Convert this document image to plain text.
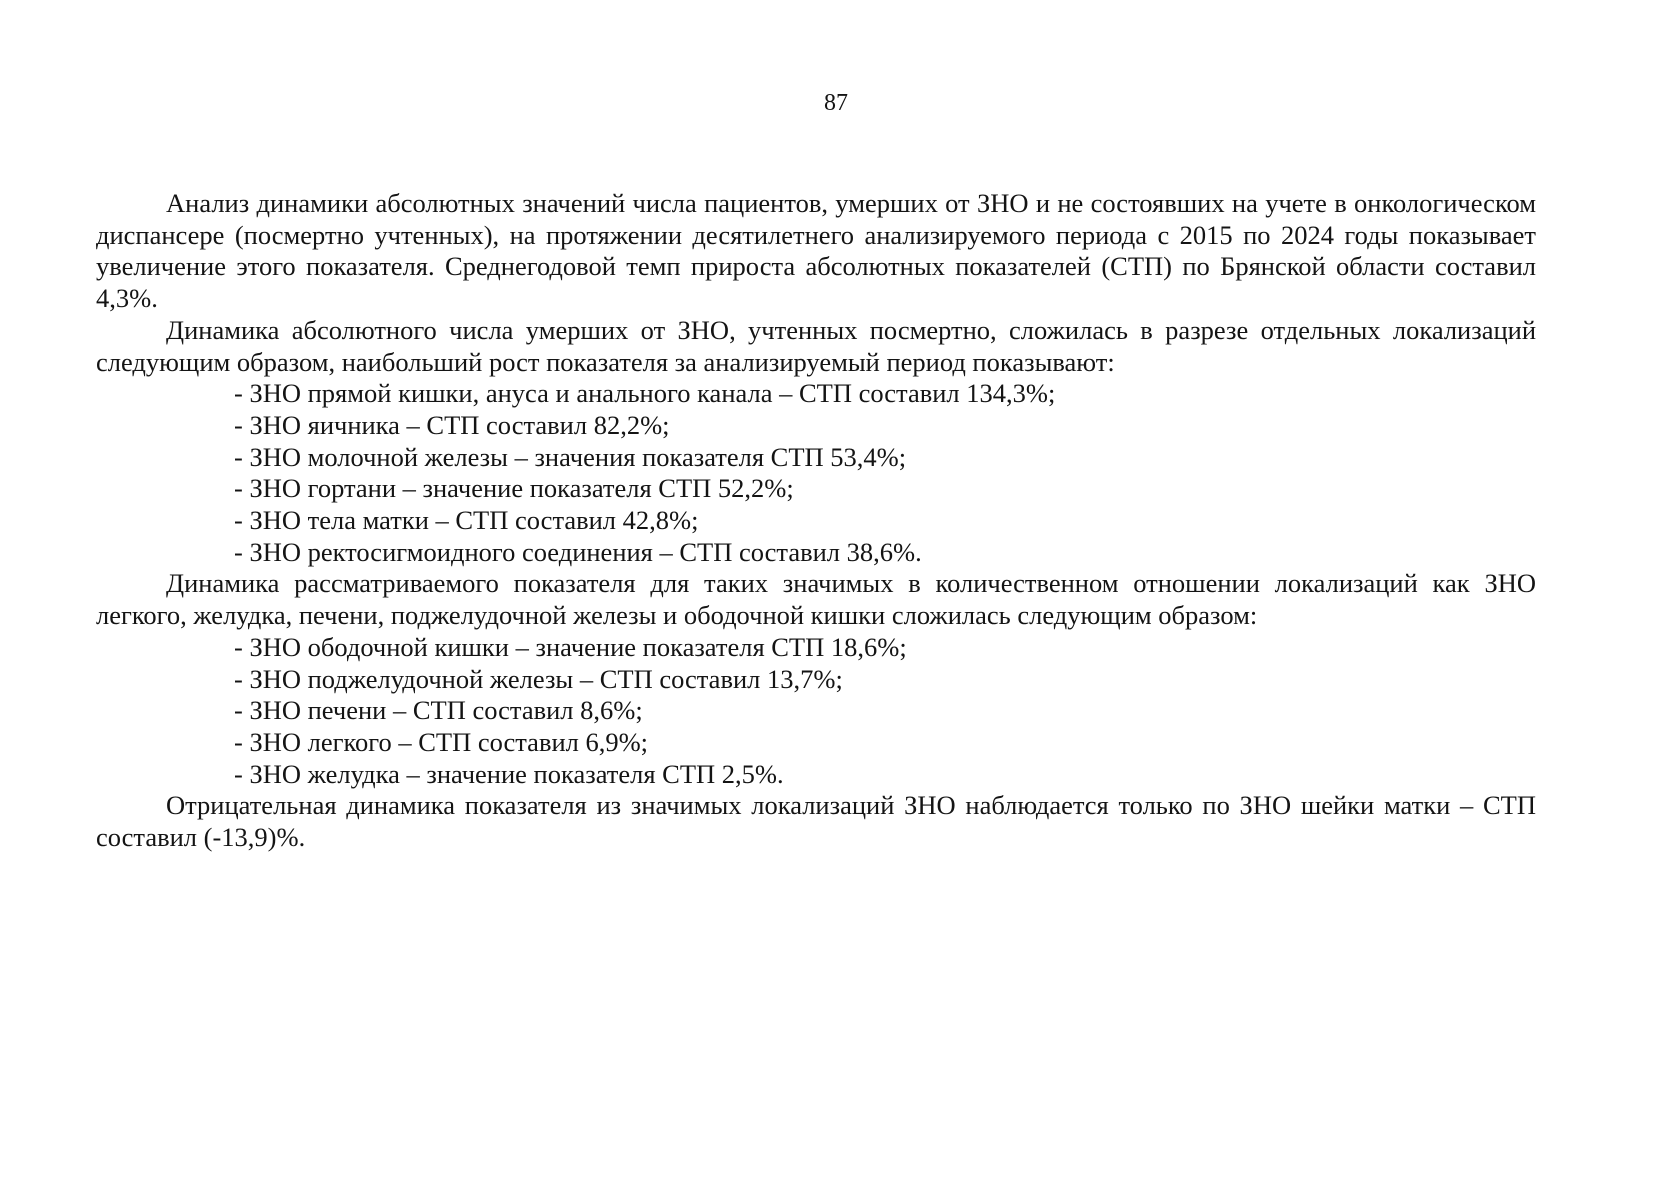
87

Анализ динамики абсолютных значений числа пациентов, умерших от ЗНО и не состоявших на учете в онкологическом диспансере (посмертно учтенных), на протяжении десятилетнего анализируемого периода с 2015 по 2024 годы показывает увеличение этого показателя. Среднегодовой темп прироста абсолютных показателей (СТП) по Брянской области составил 4,3%.

Динамика абсолютного числа умерших от ЗНО, учтенных посмертно, сложилась в разрезе отдельных локализаций следующим образом, наибольший рост показателя за анализируемый период показывают:

- ЗНО прямой кишки, ануса и анального канала – СТП составил 134,3%;
- ЗНО яичника – СТП составил 82,2%;
- ЗНО молочной железы – значения показателя СТП 53,4%;
- ЗНО гортани – значение показателя СТП 52,2%;
- ЗНО тела матки – СТП составил 42,8%;
- ЗНО ректосигмоидного соединения – СТП составил 38,6%.

Динамика рассматриваемого показателя для таких значимых в количественном отношении локализаций как ЗНО легкого, желудка, печени, поджелудочной железы и ободочной кишки сложилась следующим образом:

- ЗНО ободочной кишки – значение показателя СТП 18,6%;
- ЗНО поджелудочной железы – СТП составил 13,7%;
- ЗНО печени – СТП составил 8,6%;
- ЗНО легкого – СТП составил 6,9%;
- ЗНО желудка – значение показателя СТП 2,5%.

Отрицательная динамика показателя из значимых локализаций ЗНО наблюдается только по ЗНО шейки матки – СТП составил (-13,9)%.
